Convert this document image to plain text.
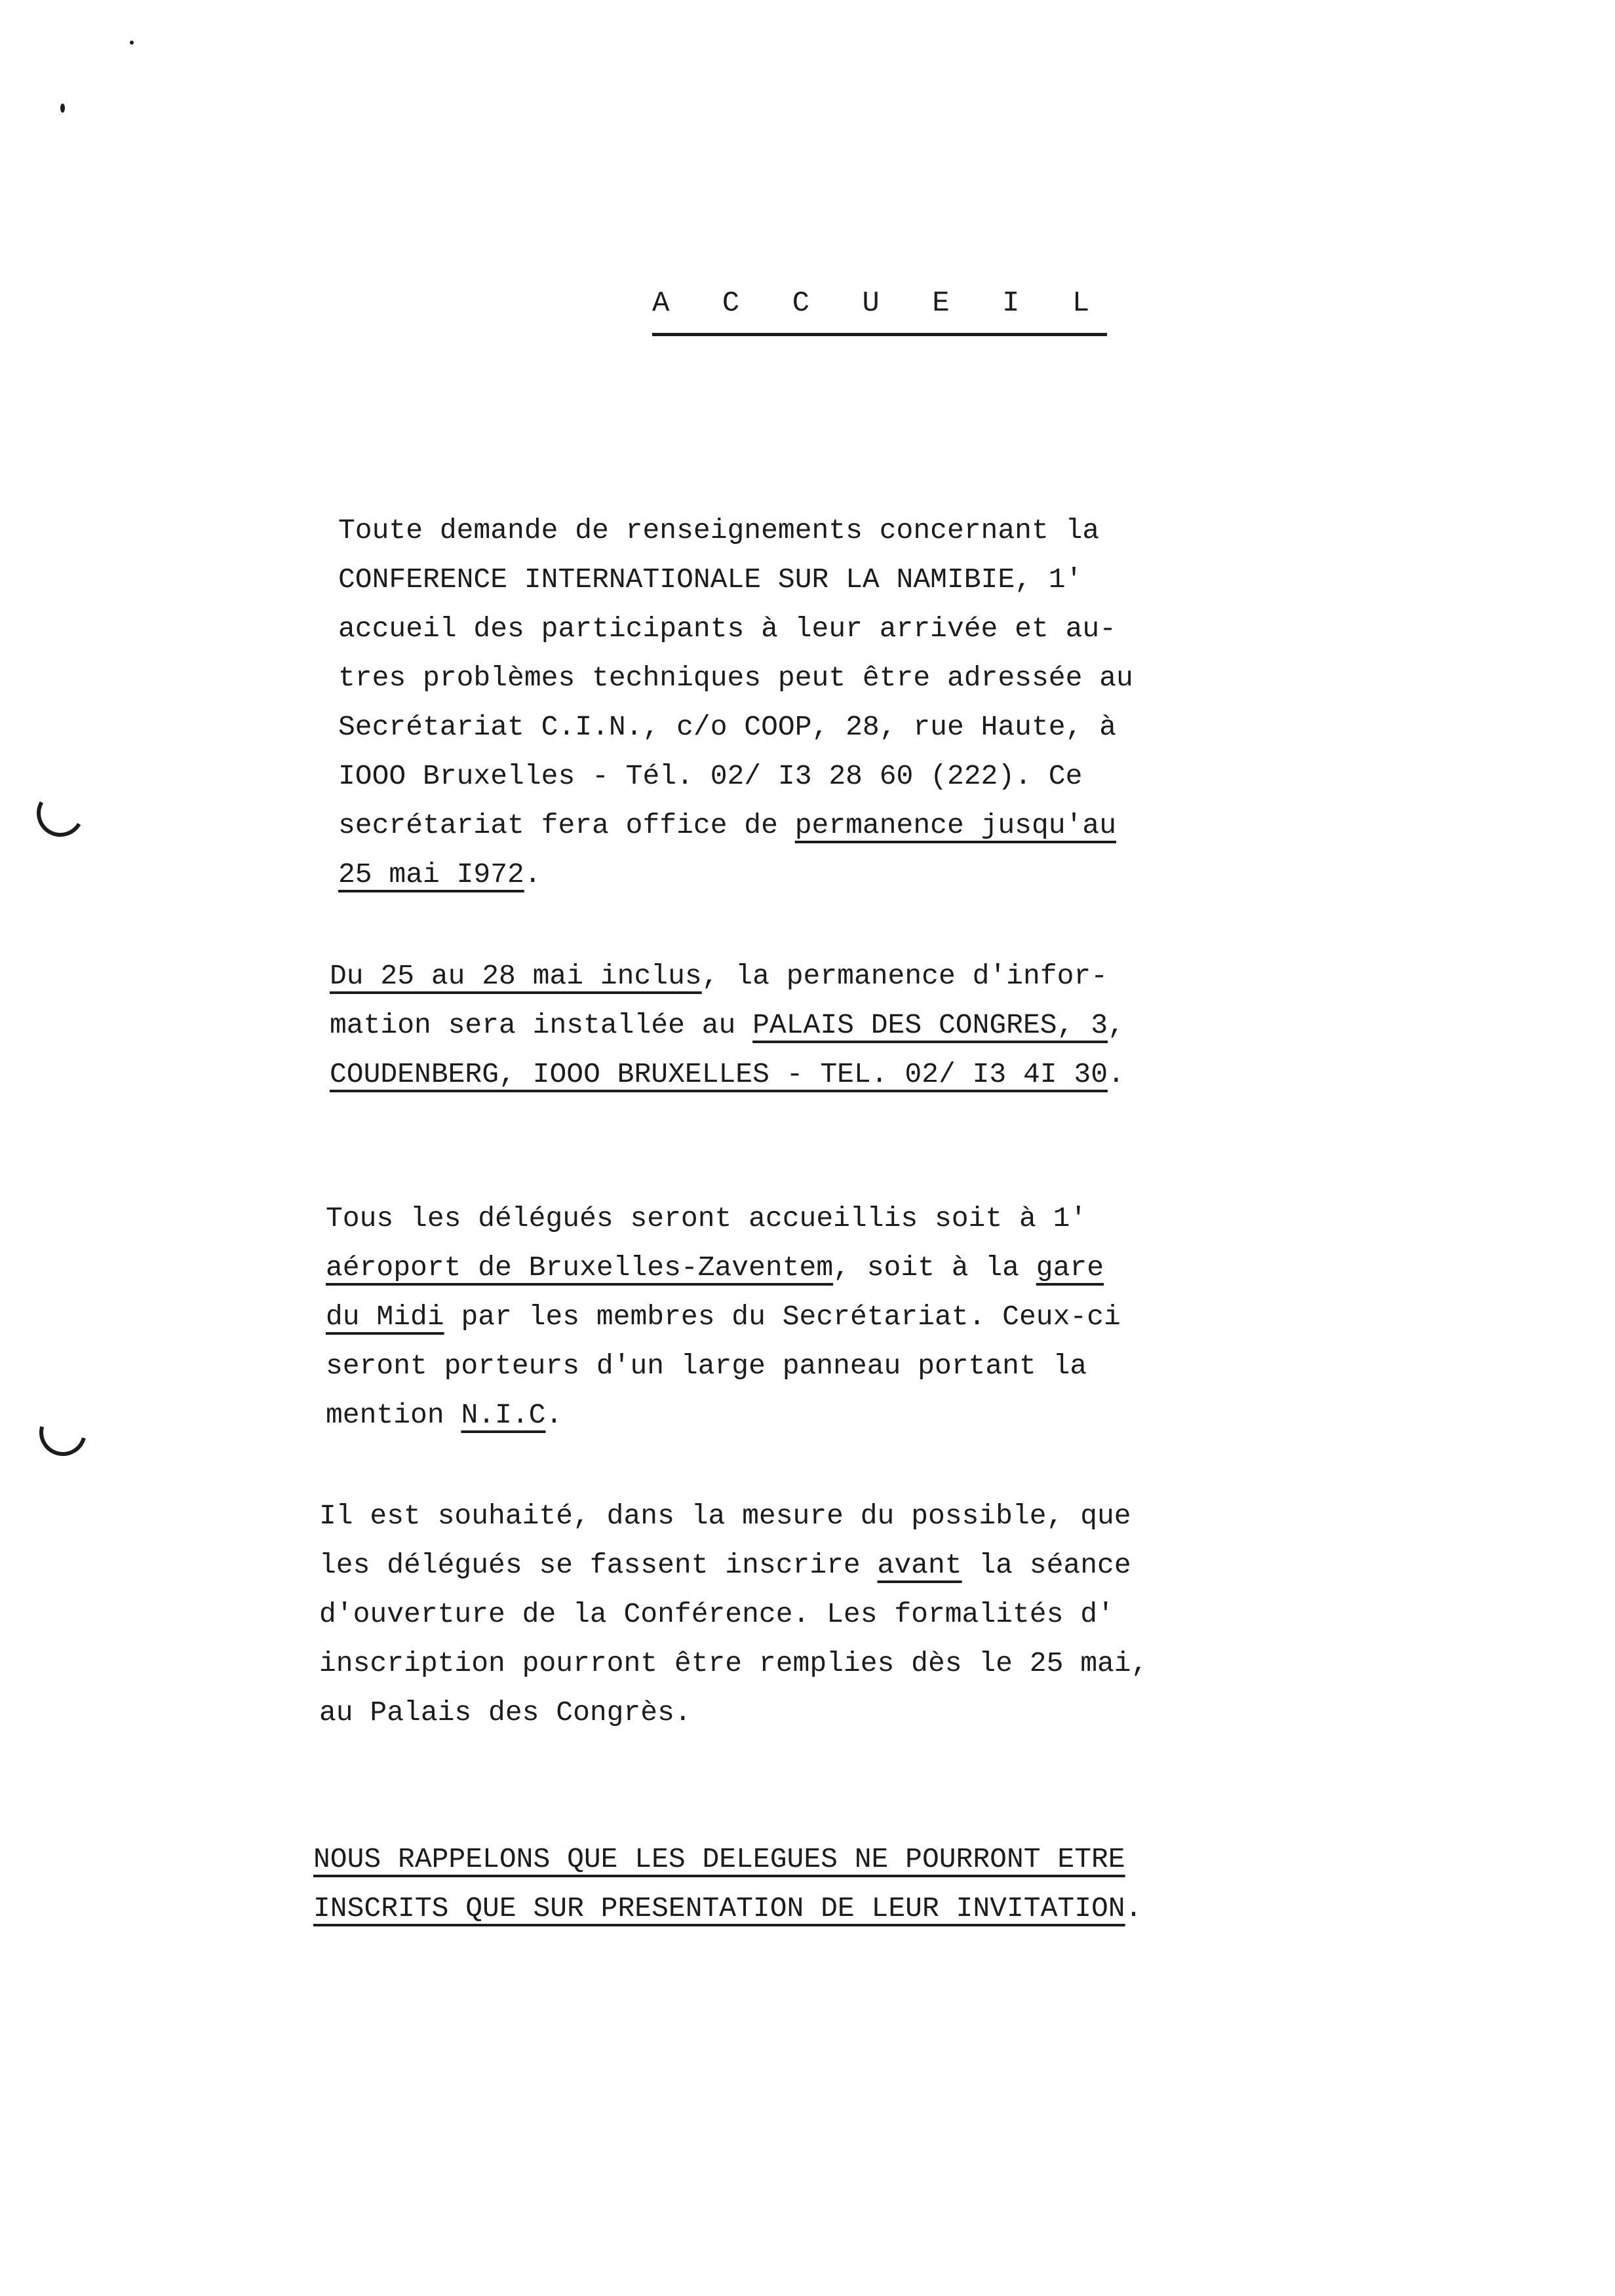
A C C U E I L
Toute demande de renseignements concernant la
CONFERENCE INTERNATIONALE SUR LA NAMIBIE, 1'
accueil des participants à leur arrivée et au-
tres problèmes techniques peut être adressée au
Secrétariat C.I.N., c/o COOP, 28, rue Haute, à
IOOO Bruxelles - Tél. 02/ I3 28 60 (222). Ce
secrétariat fera office de permanence jusqu'au
25 mai I972.
Du 25 au 28 mai inclus, la permanence d'infor-
mation sera installée au PALAIS DES CONGRES, 3,
COUDENBERG, IOOO BRUXELLES - TEL. 02/ I3 4I 30.
Tous les délégués seront accueillis soit à 1'
aéroport de Bruxelles-Zaventem, soit à la gare
du Midi par les membres du Secrétariat. Ceux-ci
seront porteurs d'un large panneau portant la
mention N.I.C.
Il est souhaité, dans la mesure du possible, que
les délégués se fassent inscrire avant la séance
d'ouverture de la Conférence. Les formalités d'
inscription pourront être remplies dès le 25 mai,
au Palais des Congrès.
NOUS RAPPELONS QUE LES DELEGUES NE POURRONT ETRE
INSCRITS QUE SUR PRESENTATION DE LEUR INVITATION.
